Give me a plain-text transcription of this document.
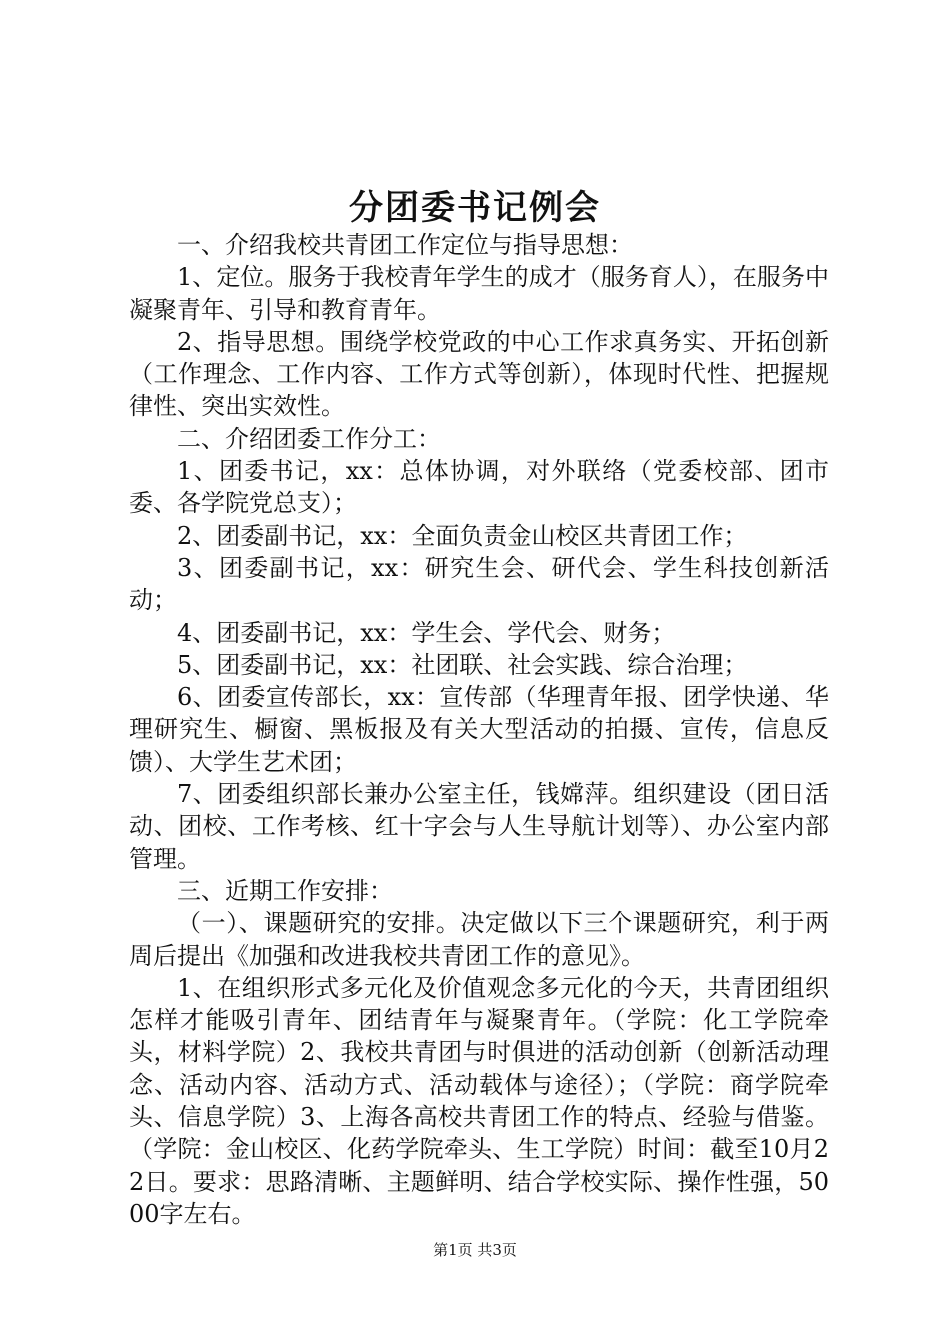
分团委书记例会

一、介绍我校共青团工作定位与指导思想：

1、定位。服务于我校青年学生的成才（服务育人），在服务中凝聚青年、引导和教育青年。

2、指导思想。围绕学校党政的中心工作求真务实、开拓创新（工作理念、工作内容、工作方式等创新），体现时代性、把握规律性、突出实效性。

二、介绍团委工作分工：

1、团委书记，xx：总体协调，对外联络（党委校部、团市委、各学院党总支）；

2、团委副书记，xx：全面负责金山校区共青团工作；

3、团委副书记，xx：研究生会、研代会、学生科技创新活动；

4、团委副书记，xx：学生会、学代会、财务；

5、团委副书记，xx：社团联、社会实践、综合治理；

6、团委宣传部长，xx：宣传部（华理青年报、团学快递、华理研究生、橱窗、黑板报及有关大型活动的拍摄、宣传，信息反馈）、大学生艺术团；

7、团委组织部长兼办公室主任，钱嫦萍。组织建设（团日活动、团校、工作考核、红十字会与人生导航计划等）、办公室内部管理。

三、近期工作安排：

（一）、课题研究的安排。决定做以下三个课题研究，利于两周后提出《加强和改进我校共青团工作的意见》。

1、在组织形式多元化及价值观念多元化的今天，共青团组织怎样才能吸引青年、团结青年与凝聚青年。（学院：化工学院牵头，材料学院）2、我校共青团与时俱进的活动创新（创新活动理念、活动内容、活动方式、活动载体与途径）；（学院：商学院牵头、信息学院）3、上海各高校共青团工作的特点、经验与借鉴。（学院：金山校区、化药学院牵头、生工学院）时间：截至10月22日。要求：思路清晰、主题鲜明、结合学校实际、操作性强，5000字左右。

第1页 共3页
